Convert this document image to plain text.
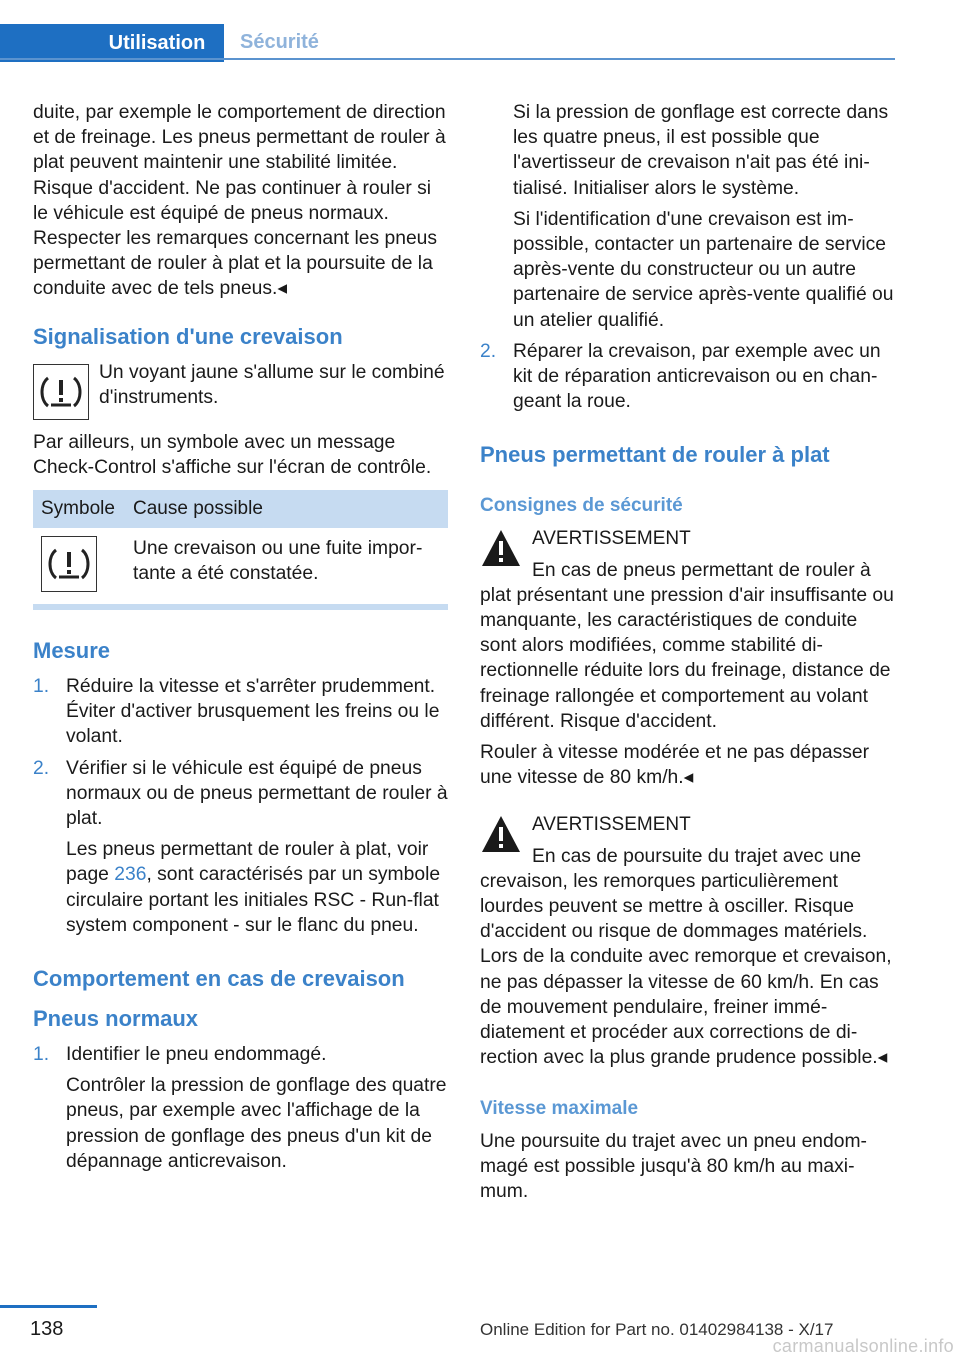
Utilisation Sécurité

duite, par exemple le comportement de direction et de freinage. Les pneus permettant de rouler à plat peuvent maintenir une stabilité limitée. Risque d'accident. Ne pas continuer à rouler si le véhicule est équipé de pneus normaux. Respecter les remarques concernant les pneus permettant de rouler à plat et la poursuite de la conduite avec de tels pneus.◂

Signalisation d'une crevaison
Un voyant jaune s'allume sur le combiné d'instruments.

Par ailleurs, un symbole avec un message Check-Control s'affiche sur l'écran de contrôle.

Symbole	Cause possible

	Une crevaison ou une fuite importante a été constatée.
Mesure
1. Réduire la vitesse et s'arrêter prudemment. Éviter d'activer brusquement les freins ou le volant.
2. Vérifier si le véhicule est équipé de pneus normaux ou de pneus permettant de rouler à plat.
Les pneus permettant de rouler à plat, voir page 236, sont caractérisés par un symbole circulaire portant les initiales RSC - Run-flat system component - sur le flanc du pneu.
Comportement en cas de crevaison
Pneus normaux
1. Identifier le pneu endommagé.
Contrôler la pression de gonflage des quatre pneus, par exemple avec l'affichage de la pression de gonflage des pneus d'un kit de dépannage anticrevaison.

Si la pression de gonflage est correcte dans les quatre pneus, il est possible que l'avertisseur de crevaison n'ait pas été initialisé. Initialiser alors le système.

Si l'identification d'une crevaison est impossible, contacter un partenaire de service après-vente du constructeur ou un autre partenaire de service après-vente qualifié ou un atelier qualifié.

2. Réparer la crevaison, par exemple avec un kit de réparation anticrevaison ou en changeant la roue.
Pneus permettant de rouler à plat
Consignes de sécurité
AVERTISSEMENT
En cas de pneus permettant de rouler à

plat présentant une pression d'air insuffisante ou manquante, les caractéristiques de conduite sont alors modifiées, comme stabilité directionnelle réduite lors du freinage, distance de freinage rallongée et comportement au volant différent. Risque d'accident.

Rouler à vitesse modérée et ne pas dépasser une vitesse de 80 km/h.◂

AVERTISSEMENT
En cas de poursuite du trajet avec une

crevaison, les remorques particulièrement lourdes peuvent se mettre à osciller. Risque d'accident ou risque de dommages matériels. Lors de la conduite avec remorque et crevaison, ne pas dépasser la vitesse de 60 km/h. En cas de mouvement pendulaire, freiner immédiatement et procéder aux corrections de direction avec la plus grande prudence possible.◂

Vitesse maximale

Une poursuite du trajet avec un pneu endommagé est possible jusqu'à 80 km/h au maximum.

138	Online Edition for Part no. 01402984138 - X/17
carmanualsonline.info
